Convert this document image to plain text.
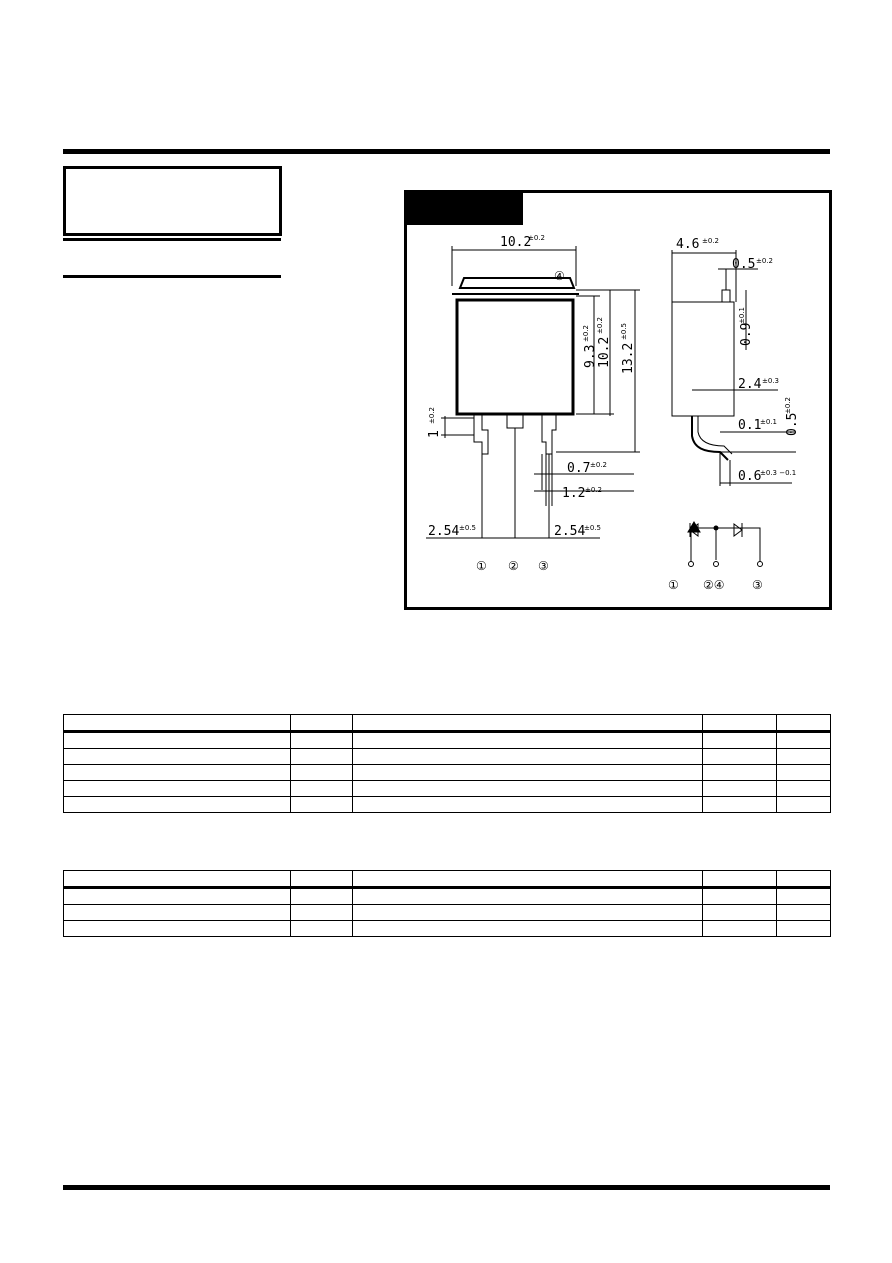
10.2
±0.2
④
9.3
±0.2
10.2
±0.2
13.2
±0.5
1
±0.2
0.7 ±0.2
1.2 ±0.2
2.54 ±0.5	2.54
±0.5
① ② ③
4.6 ±0.2
0.5 ±0.2
0.9
±0.1
2.4 ±0.3
0.1
±0.1 0.5
±0.2
0.6
±0.3 −0.1
① ②④ ③
